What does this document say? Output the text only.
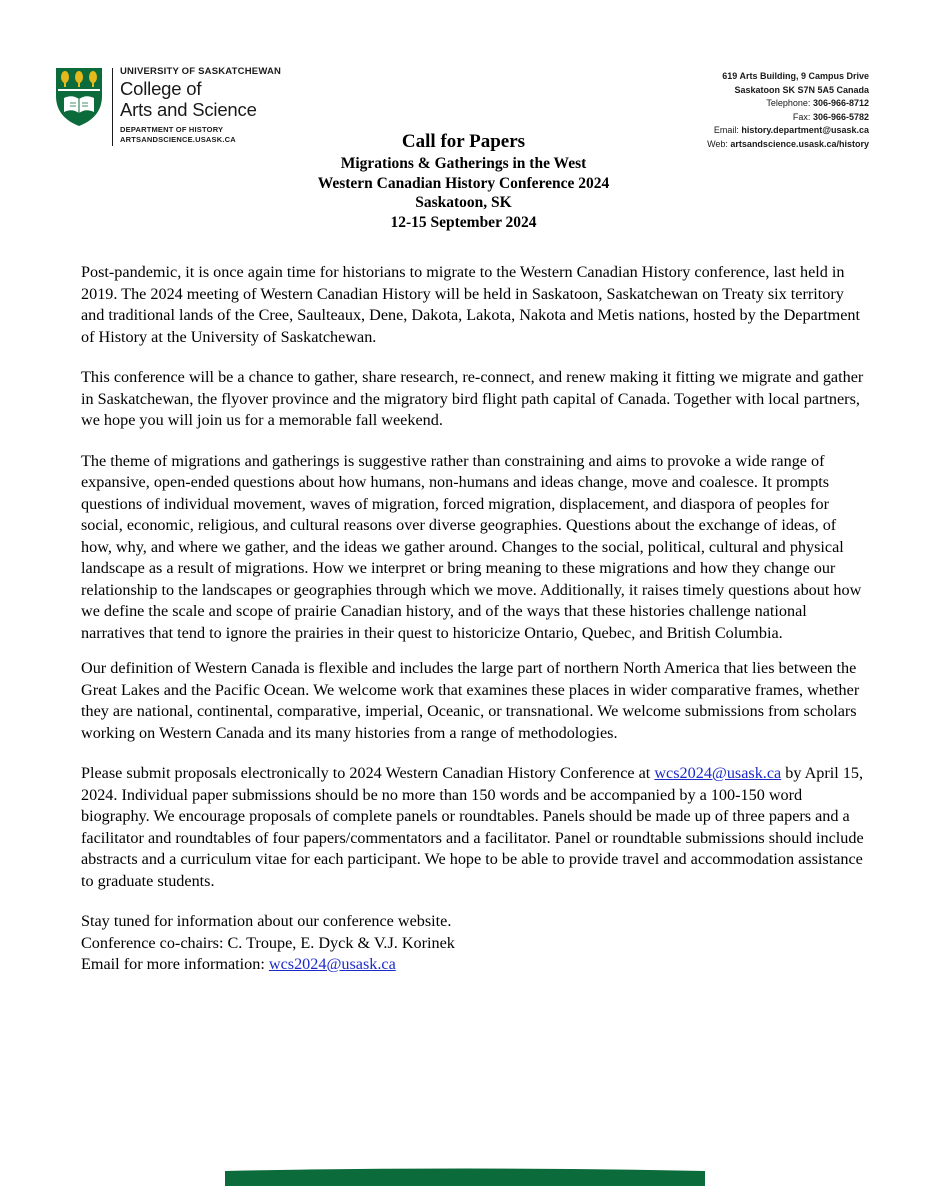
UNIVERSITY OF SASKATCHEWAN
College of
Arts and Science
DEPARTMENT OF HISTORY
ARTSANDSCIENCE.USASK.CA
619 Arts Building, 9 Campus Drive
Saskatoon SK S7N 5A5 Canada
Telephone: 306-966-8712
Fax: 306-966-5782
Email: history.department@usask.ca
Web: artsandscience.usask.ca/history
Call for Papers
Migrations & Gatherings in the West
Western Canadian History Conference 2024
Saskatoon, SK
12-15 September 2024

Post-pandemic, it is once again time for historians to migrate to the Western Canadian History conference, last held in 2019. The 2024 meeting of Western Canadian History will be held in Saskatoon, Saskatchewan on Treaty six territory and traditional lands of the Cree, Saulteaux, Dene, Dakota, Lakota, Nakota and Metis nations, hosted by the Department of History at the University of Saskatchewan.

This conference will be a chance to gather, share research, re-connect, and renew making it fitting we migrate and gather in Saskatchewan, the flyover province and the migratory bird flight path capital of Canada. Together with local partners, we hope you will join us for a memorable fall weekend.

The theme of migrations and gatherings is suggestive rather than constraining and aims to provoke a wide range of expansive, open-ended questions about how humans, non-humans and ideas change, move and coalesce. It prompts questions of individual movement, waves of migration, forced migration, displacement, and diaspora of peoples for social, economic, religious, and cultural reasons over diverse geographies. Questions about the exchange of ideas, of how, why, and where we gather, and the ideas we gather around. Changes to the social, political, cultural and physical landscape as a result of migrations. How we interpret or bring meaning to these migrations and how they change our relationship to the landscapes or geographies through which we move. Additionally, it raises timely questions about how we define the scale and scope of prairie Canadian history, and of the ways that these histories challenge national narratives that tend to ignore the prairies in their quest to historicize Ontario, Quebec, and British Columbia.

Our definition of Western Canada is flexible and includes the large part of northern North America that lies between the Great Lakes and the Pacific Ocean. We welcome work that examines these places in wider comparative frames, whether they are national, continental, comparative, imperial, Oceanic, or transnational. We welcome submissions from scholars working on Western Canada and its many histories from a range of methodologies.

Please submit proposals electronically to 2024 Western Canadian History Conference at wcs2024@usask.ca by April 15, 2024. Individual paper submissions should be no more than 150 words and be accompanied by a 100-150 word biography. We encourage proposals of complete panels or roundtables. Panels should be made up of three papers and a facilitator and roundtables of four papers/commentators and a facilitator. Panel or roundtable submissions should include abstracts and a curriculum vitae for each participant. We hope to be able to provide travel and accommodation assistance to graduate students.

Stay tuned for information about our conference website.
Conference co-chairs: C. Troupe, E. Dyck & V.J. Korinek
Email for more information: wcs2024@usask.ca
